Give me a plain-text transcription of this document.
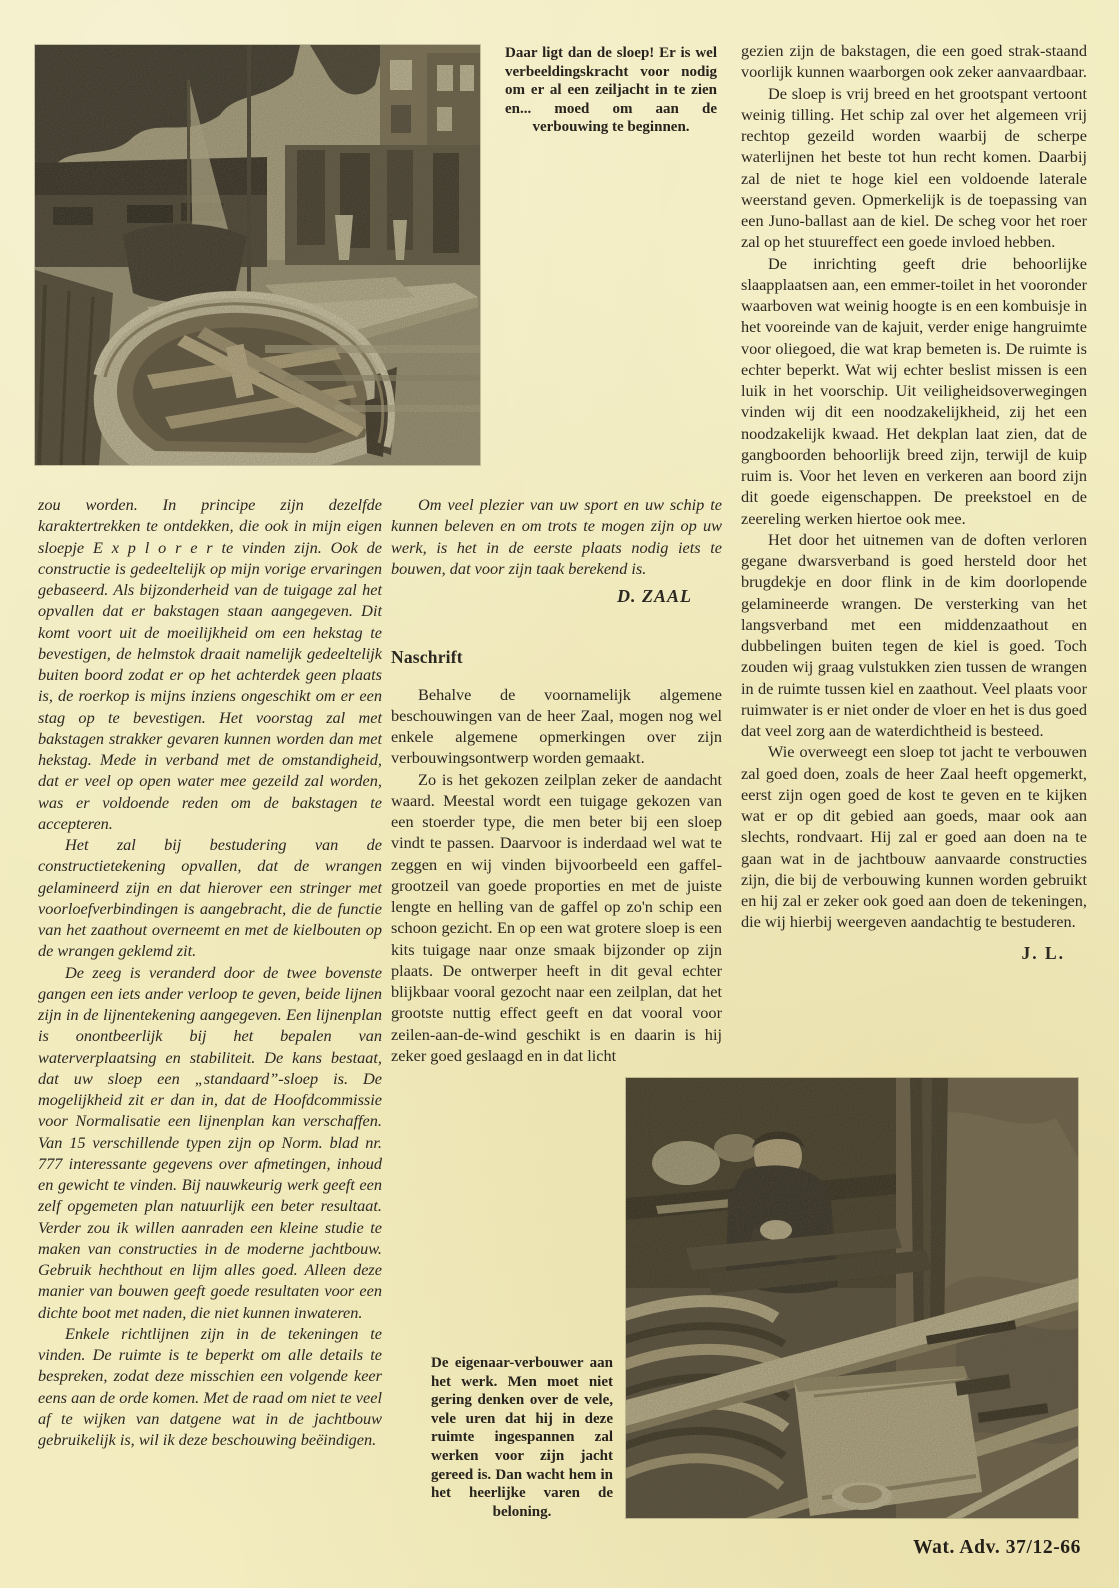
Daar ligt dan de sloep! Er is wel verbeeldingskracht voor nodig om er al een zeiljacht in te zien en... moed om aan de verbouwing te beginnen.

gezien zijn de bakstagen, die een goed strak-staand voorlijk kunnen waarborgen ook zeker aanvaardbaar.

De sloep is vrij breed en het grootspant vertoont weinig tilling. Het schip zal over het algemeen vrij rechtop gezeild worden waarbij de scherpe waterlijnen het beste tot hun recht komen. Daarbij zal de niet te hoge kiel een voldoende laterale weerstand geven. Opmerkelijk is de toepassing van een Juno-ballast aan de kiel. De scheg voor het roer zal op het stuureffect een goede invloed hebben.

De inrichting geeft drie behoorlijke slaapplaatsen aan, een emmer-toilet in het vooronder waarboven wat weinig hoogte is en een kombuisje in het vooreinde van de kajuit, verder enige hangruimte voor oliegoed, die wat krap bemeten is. De ruimte is echter beperkt. Wat wij echter beslist missen is een luik in het voorschip. Uit veiligheidsoverwegingen vinden wij dit een noodzakelijkheid, zij het een noodzakelijk kwaad. Het dekplan laat zien, dat de gangboorden behoorlijk breed zijn, terwijl de kuip ruim is. Voor het leven en verkeren aan boord zijn dit goede eigenschappen. De preekstoel en de zeereling werken hiertoe ook mee.

Het door het uitnemen van de doften verloren gegane dwarsverband is goed hersteld door het brugdekje en door flink in de kim doorlopende gelamineerde wrangen. De versterking van het langsverband met een middenzaathout en dubbelingen buiten tegen de kiel is goed. Toch zouden wij graag vulstukken zien tussen de wrangen in de ruimte tussen kiel en zaathout. Veel plaats voor ruimwater is er niet onder de vloer en het is dus goed dat veel zorg aan de waterdichtheid is besteed.

Wie overweegt een sloep tot jacht te verbouwen zal goed doen, zoals de heer Zaal heeft opgemerkt, eerst zijn ogen goed de kost te geven en te kijken wat er op dit gebied aan goeds, maar ook aan slechts, rondvaart. Hij zal er goed aan doen na te gaan wat in de jachtbouw aanvaarde constructies zijn, die bij de verbouwing kunnen worden gebruikt en hij zal er zeker ook goed aan doen de tekeningen, die wij hierbij weergeven aandachtig te bestuderen.

J. L.

zou worden. In principe zijn dezelfde karaktertrekken te ontdekken, die ook in mijn eigen sloepje E x p l o r e r te vinden zijn. Ook de constructie is gedeeltelijk op mijn vorige ervaringen gebaseerd. Als bijzonderheid van de tuigage zal het opvallen dat er bakstagen staan aangegeven. Dit komt voort uit de moeilijkheid om een hekstag te bevestigen, de helmstok draait namelijk gedeeltelijk buiten boord zodat er op het achterdek geen plaats is, de roerkop is mijns inziens ongeschikt om er een stag op te bevestigen. Het voorstag zal met bakstagen strakker gevaren kunnen worden dan met hekstag. Mede in verband met de omstandigheid, dat er veel op open water mee gezeild zal worden, was er voldoende reden om de bakstagen te accepteren.

Het zal bij bestudering van de constructietekening opvallen, dat de wrangen gelamineerd zijn en dat hierover een stringer met voorloefverbindingen is aangebracht, die de functie van het zaathout overneemt en met de kielbouten op de wrangen geklemd zit.

De zeeg is veranderd door de twee bovenste gangen een iets ander verloop te geven, beide lijnen zijn in de lijnentekening aangegeven. Een lijnenplan is onontbeerlijk bij het bepalen van waterverplaatsing en stabiliteit. De kans bestaat, dat uw sloep een „standaard”-sloep is. De mogelijkheid zit er dan in, dat de Hoofdcommissie voor Normalisatie een lijnenplan kan verschaffen. Van 15 verschillende typen zijn op Norm. blad nr. 777 interessante gegevens over afmetingen, inhoud en gewicht te vinden. Bij nauwkeurig werk geeft een zelf opgemeten plan natuurlijk een beter resultaat. Verder zou ik willen aanraden een kleine studie te maken van constructies in de moderne jachtbouw. Gebruik hechthout en lijm alles goed. Alleen deze manier van bouwen geeft goede resultaten voor een dichte boot met naden, die niet kunnen inwateren.

Enkele richtlijnen zijn in de tekeningen te vinden. De ruimte is te beperkt om alle details te bespreken, zodat deze misschien een volgende keer eens aan de orde komen. Met de raad om niet te veel af te wijken van datgene wat in de jachtbouw gebruikelijk is, wil ik deze beschouwing beëindigen.

Om veel plezier van uw sport en uw schip te kunnen beleven en om trots te mogen zijn op uw werk, is het in de eerste plaats nodig iets te bouwen, dat voor zijn taak berekend is.

D. ZAAL

Naschrift

Behalve de voornamelijk algemene beschouwingen van de heer Zaal, mogen nog wel enkele algemene opmerkingen over zijn verbouwingsontwerp worden gemaakt.

Zo is het gekozen zeilplan zeker de aandacht waard. Meestal wordt een tuigage gekozen van een stoerder type, die men beter bij een sloep vindt te passen. Daarvoor is inderdaad wel wat te zeggen en wij vinden bijvoorbeeld een gaffel-grootzeil van goede proporties en met de juiste lengte en helling van de gaffel op zo'n schip een schoon gezicht. En op een wat grotere sloep is een kits tuigage naar onze smaak bijzonder op zijn plaats. De ontwerper heeft in dit geval echter blijkbaar vooral gezocht naar een zeilplan, dat het grootste nuttig effect geeft en dat vooral voor zeilen-aan-de-wind geschikt is en daarin is hij zeker goed geslaagd en in dat licht

De eigenaar-verbouwer aan het werk. Men moet niet gering denken over de vele, vele uren dat hij in deze ruimte ingespannen zal werken voor zijn jacht gereed is. Dan wacht hem in het heerlijke varen de beloning.

Wat. Adv. 37/12-66
